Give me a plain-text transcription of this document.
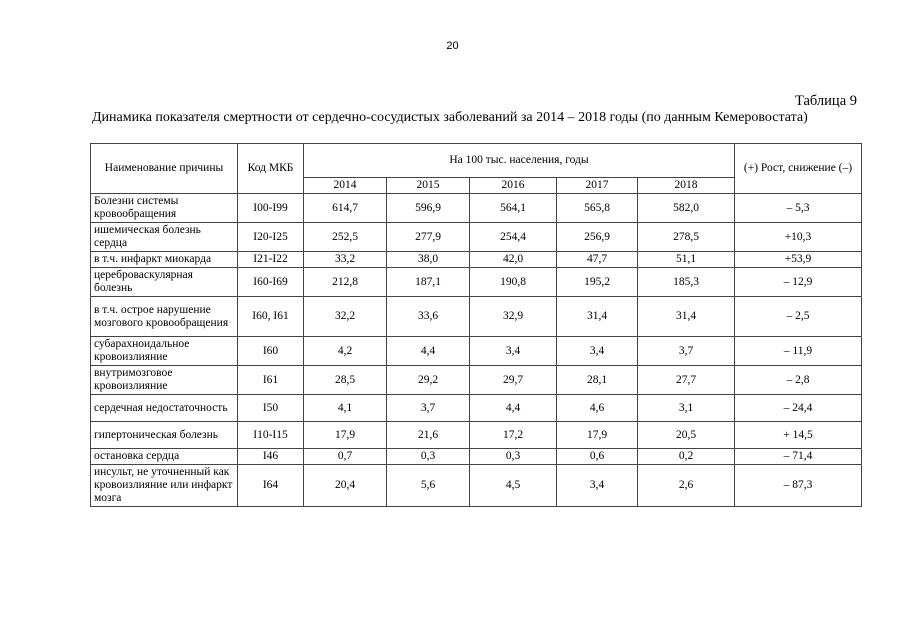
20
Таблица 9
Динамика показателя смертности от сердечно-сосудистых заболеваний за 2014 – 2018 годы (по данным Кемеровостата)
Наименование причины	Код МКБ	На 100 тыс. населения, годы					(+) Рост, снижение (–)
		2014	2015	2016	2017	2018	
Болезни системы кровообращения	I00-I99	614,7	596,9	564,1	565,8	582,0	– 5,3
ишемическая болезнь сердца	I20-I25	252,5	277,9	254,4	256,9	278,5	+10,3
в т.ч. инфаркт миокарда	I21-I22	33,2	38,0	42,0	47,7	51,1	+53,9
цереброваскулярная болезнь	I60-I69	212,8	187,1	190,8	195,2	185,3	– 12,9
в т.ч. острое нарушение мозгового кровообращения	I60, I61	32,2	33,6	32,9	31,4	31,4	– 2,5
субарахноидальное кровоизлияние	I60	4,2	4,4	3,4	3,4	3,7	– 11,9
внутримозговое кровоизлияние	I61	28,5	29,2	29,7	28,1	27,7	– 2,8
сердечная недостаточность	I50	4,1	3,7	4,4	4,6	3,1	– 24,4
гипертоническая болезнь	I10-I15	17,9	21,6	17,2	17,9	20,5	+ 14,5
остановка сердца	I46	0,7	0,3	0,3	0,6	0,2	– 71,4
инсульт, не уточненный как кровоизлияние или инфаркт мозга	I64	20,4	5,6	4,5	3,4	2,6	– 87,3
